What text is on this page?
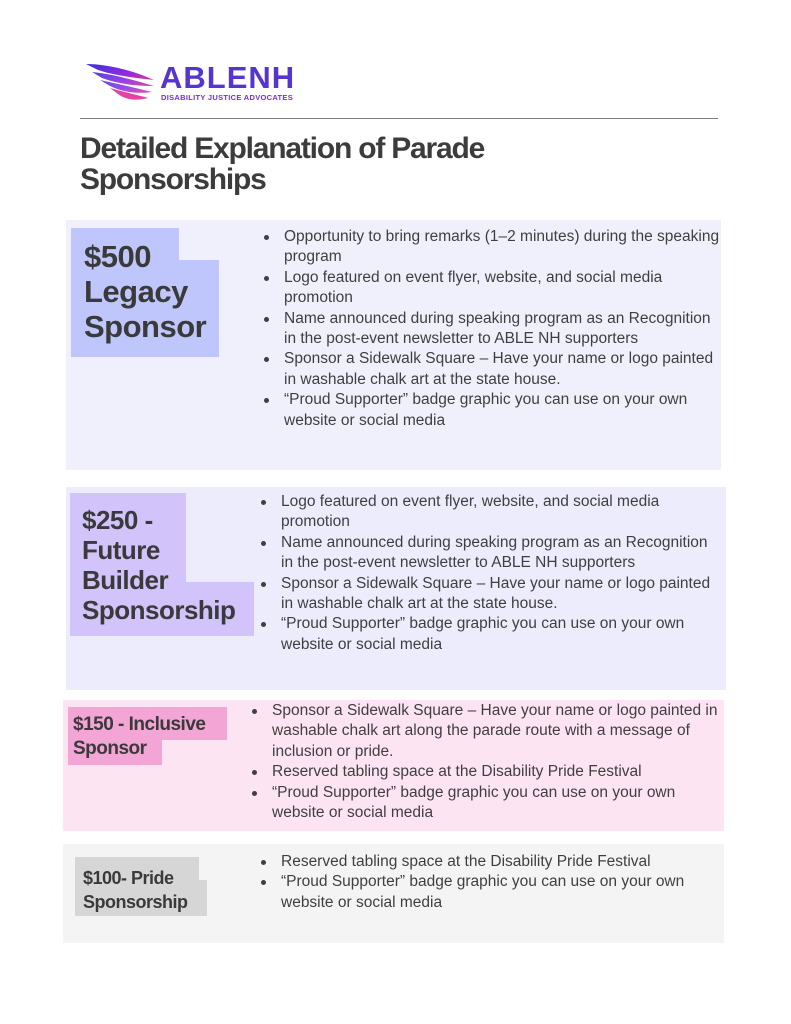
ABLENH
DISABILITY JUSTICE ADVOCATES
Detailed Explanation of Parade Sponsorships
$500
Legacy
Sponsor
Opportunity to bring remarks (1–2 minutes) during the speaking program
Logo featured on event flyer, website, and social media promotion
Name announced during speaking program as an Recognition in the post-event newsletter to ABLE NH supporters
Sponsor a Sidewalk Square – Have your name or logo painted in washable chalk art at the state house.
“Proud Supporter” badge graphic you can use on your own website or social media
$250 -
Future
Builder
Sponsorship
Logo featured on event flyer, website, and social media promotion
Name announced during speaking program as an Recognition in the post-event newsletter to ABLE NH supporters
Sponsor a Sidewalk Square – Have your name or logo painted in washable chalk art at the state house.
“Proud Supporter” badge graphic you can use on your own website or social media
$150 - Inclusive
Sponsor
Sponsor a Sidewalk Square – Have your name or logo painted in washable chalk art along the parade route with a message of inclusion or pride.
Reserved tabling space at the Disability Pride Festival
“Proud Supporter” badge graphic you can use on your own website or social media
$100- Pride
Sponsorship
Reserved tabling space at the Disability Pride Festival
“Proud Supporter” badge graphic you can use on your own website or social media
